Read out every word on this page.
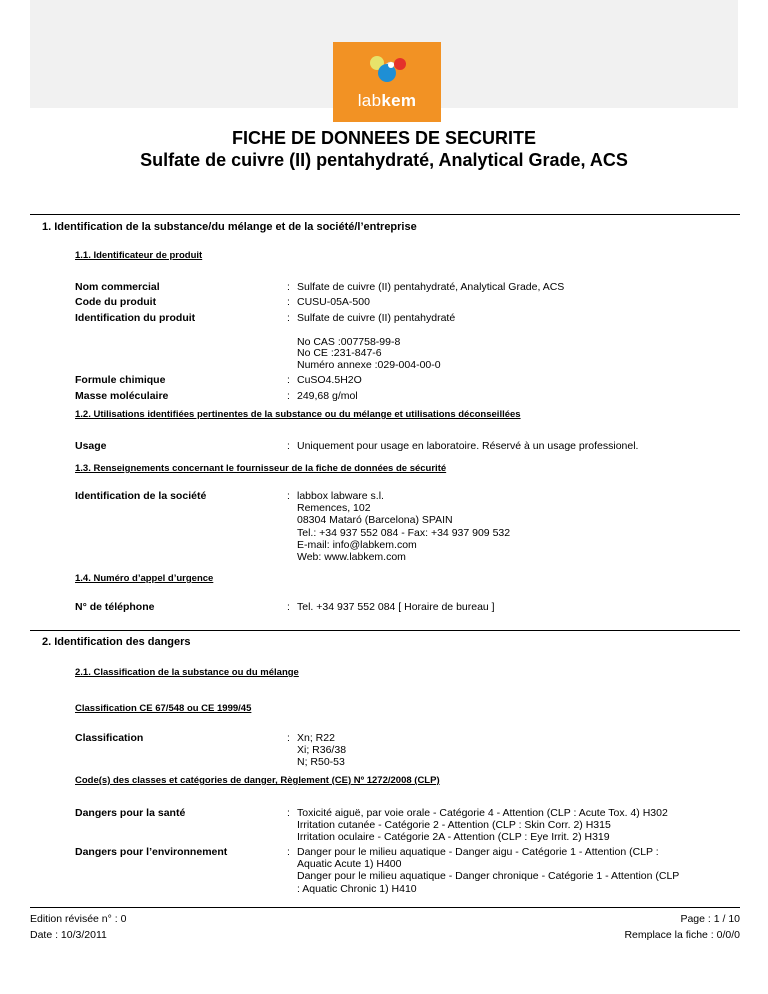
labkem
FICHE DE DONNEES DE SECURITE
Sulfate de cuivre (II) pentahydraté, Analytical Grade, ACS
1. Identification de la substance/du mélange et de la société/l’entreprise
1.1. Identificateur de produit
Nom commercial	: Sulfate de cuivre (II) pentahydraté, Analytical Grade, ACS
Code du produit	: CUSU-05A-500
Identification du produit	: Sulfate de cuivre (II) pentahydraté
No CAS :007758-99-8
No CE :231-847-6
Numéro annexe :029-004-00-0
Formule chimique	: CuSO4.5H2O
Masse moléculaire	: 249,68 g/mol
1.2. Utilisations identifiées pertinentes de la substance ou du mélange et utilisations déconseillées
Usage	: Uniquement pour usage en laboratoire. Réservé à un usage professionel.
1.3. Renseignements concernant le fournisseur de la fiche de données de sécurité
Identification de la société	: labbox labware s.l.
Remences, 102
08304 Mataró (Barcelona) SPAIN
Tel.: +34 937 552 084 - Fax: +34 937 909 532
E-mail: info@labkem.com
Web: www.labkem.com
1.4. Numéro d’appel d’urgence
N° de téléphone	: Tel. +34 937 552 084 [ Horaire de bureau ]
2. Identification des dangers
2.1. Classification de la substance ou du mélange
Classification CE 67/548 ou CE 1999/45
Classification	: Xn; R22
Xi; R36/38
N; R50-53
Code(s) des classes et catégories de danger, Règlement (CE) Nº 1272/2008 (CLP)
Dangers pour la santé	: Toxicité aiguë, par voie orale - Catégorie 4 - Attention (CLP : Acute Tox. 4) H302
Irritation cutanée - Catégorie 2 - Attention (CLP : Skin Corr. 2) H315
Irritation oculaire - Catégorie 2A - Attention (CLP : Eye Irrit. 2) H319
Dangers pour l’environnement	: Danger pour le milieu aquatique - Danger aigu - Catégorie 1 - Attention (CLP :
Aquatic Acute 1) H400
Danger pour le milieu aquatique - Danger chronique - Catégorie 1 - Attention (CLP
: Aquatic Chronic 1) H410
Edition révisée n° : 0
Date : 10/3/2011
Page : 1 / 10
Remplace la fiche : 0/0/0
